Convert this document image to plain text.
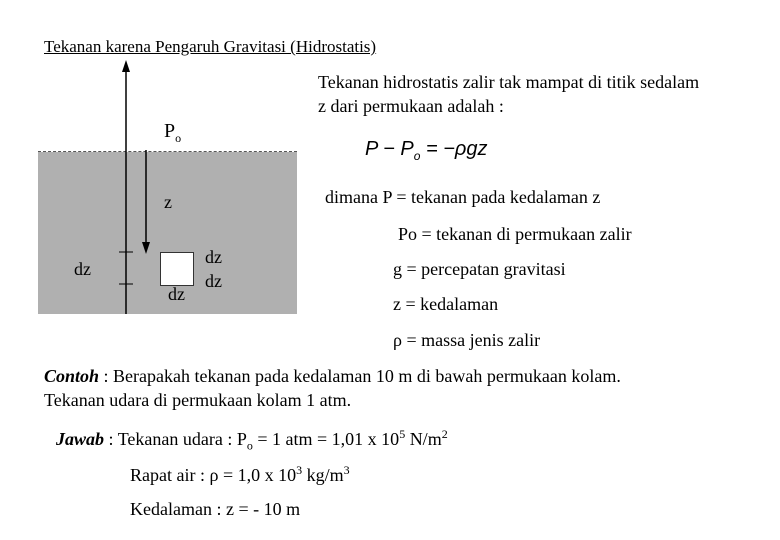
Tekanan karena Pengaruh Gravitasi (Hidrostatis)
Tekanan hidrostatis zalir tak mampat di titik sedalam
z dari permukaan adalah :
$P_o$
z
dz
dz
dz
dz
$P - P_o = -\rho gz$
dimana P = tekanan pada kedalaman z
Po = tekanan di permukaan zalir
g = percepatan gravitasi
z = kedalaman
ρ = massa jenis zalir
Contoh : Berapakah tekanan pada kedalaman 10 m di bawah permukaan kolam.
Tekanan udara di permukaan kolam 1 atm.
Jawab : Tekanan udara : $P_o = 1$ atm = 1,01 x $10^5$ $N/m^2$
Rapat air : ρ = 1,0 x $10^3$ $kg/m^3$
Kedalaman : z = - 10 m
